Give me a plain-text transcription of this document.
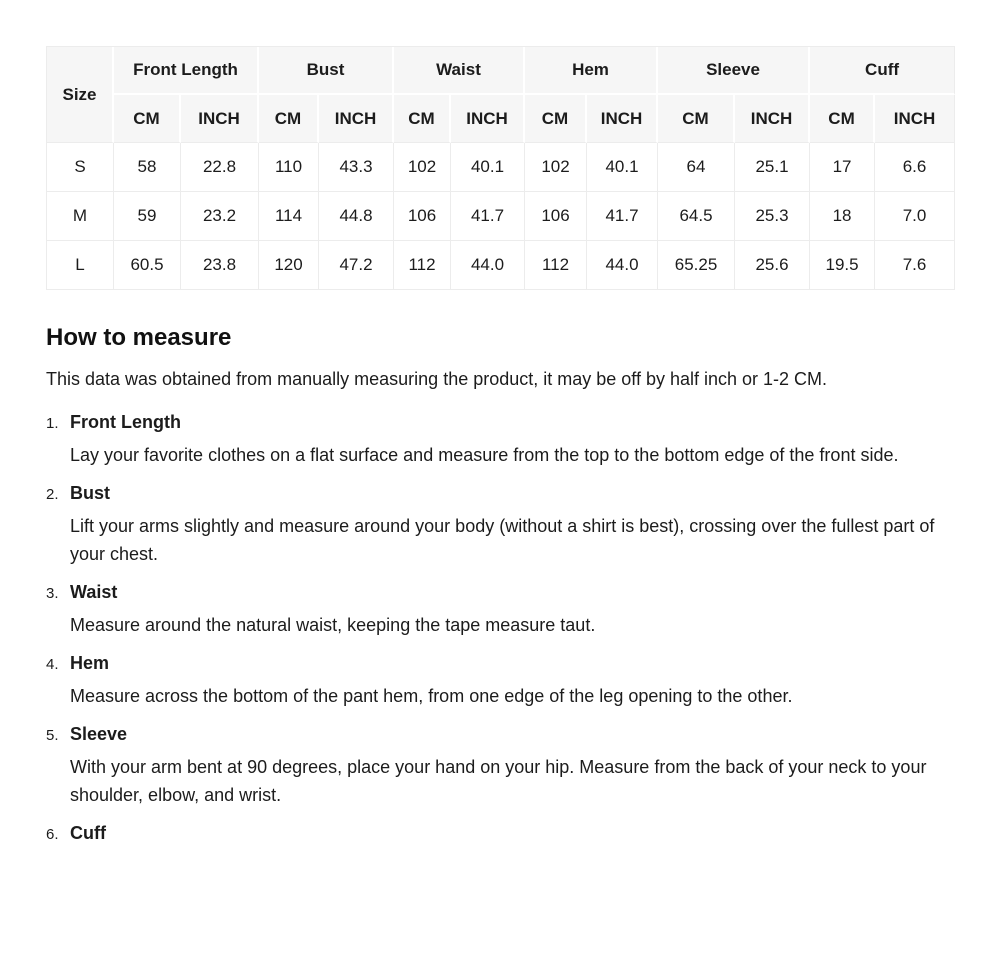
Size	Front Length		Bust		Waist		Hem		Sleeve		Cuff	
	CM	INCH	CM	INCH	CM	INCH	CM	INCH	CM	INCH	CM	INCH
S	58	22.8	110	43.3	102	40.1	102	40.1	64	25.1	17	6.6
M	59	23.2	114	44.8	106	41.7	106	41.7	64.5	25.3	18	7.0
L	60.5	23.8	120	47.2	112	44.0	112	44.0	65.25	25.6	19.5	7.6
How to measure

This data was obtained from manually measuring the product, it may be off by half inch or 1-2 CM.

1. Front Length

Lay your favorite clothes on a flat surface and measure from the top to the bottom edge of the front side.

2. Bust

Lift your arms slightly and measure around your body (without a shirt is best), crossing over the fullest part of your chest.

3. Waist

Measure around the natural waist, keeping the tape measure taut.

4. Hem

Measure across the bottom of the pant hem, from one edge of the leg opening to the other.

5. Sleeve

With your arm bent at 90 degrees, place your hand on your hip. Measure from the back of your neck to your shoulder, elbow, and wrist.

6. Cuff
